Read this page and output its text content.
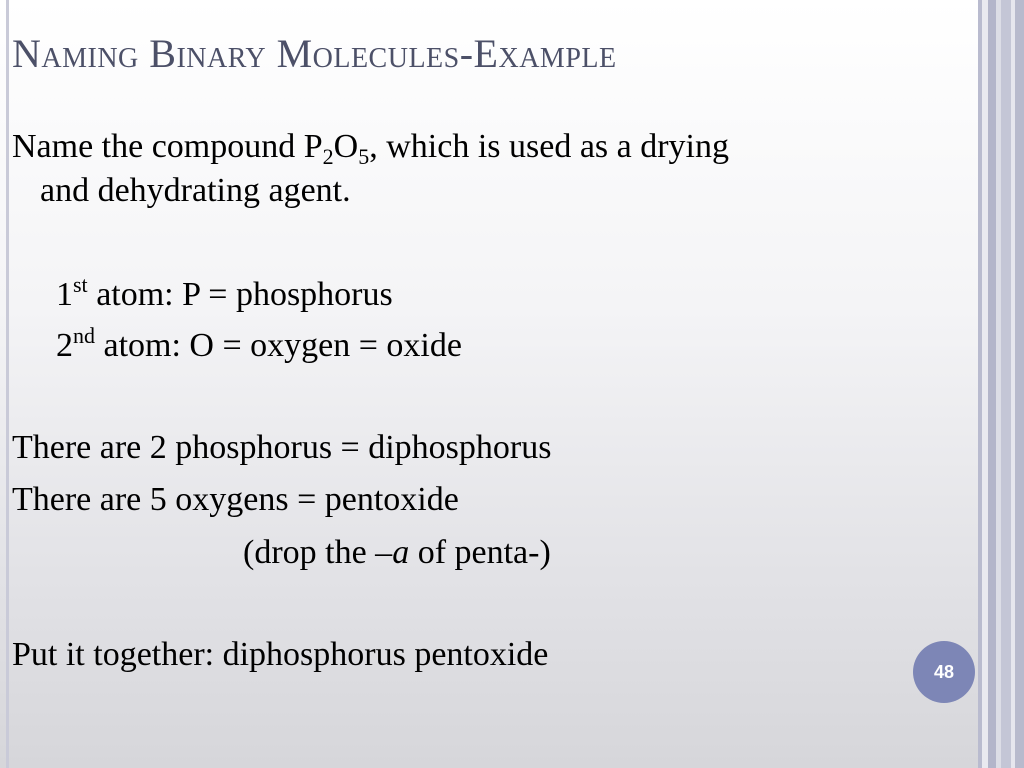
Naming Binary Molecules-Example
Name the compound $P_2O_5$, which is used as a drying
and dehydrating agent.
1st atom: P = phosphorus
2nd atom: O = oxygen = oxide
There are 2 phosphorus = diphosphorus
There are 5 oxygens = pentoxide
(drop the –a of penta-)
Put it together: diphosphorus pentoxide	48
